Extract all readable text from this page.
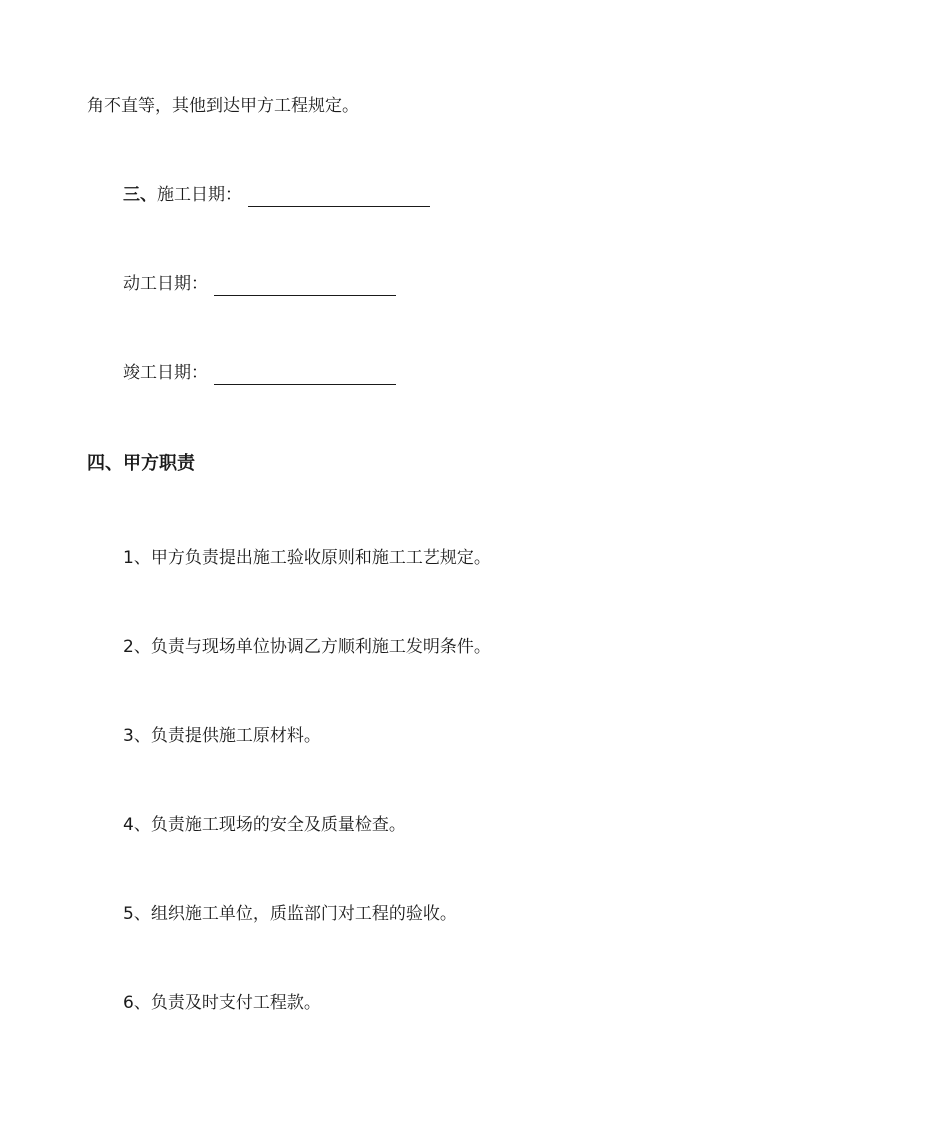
角不直等，其他到达甲方工程规定。
三、施工日期：
动工日期：
竣工日期：
四、甲方职责
1、甲方负责提出施工验收原则和施工工艺规定。
2、负责与现场单位协调乙方顺利施工发明条件。
3、负责提供施工原材料。
4、负责施工现场的安全及质量检查。
5、组织施工单位，质监部门对工程的验收。
6、负责及时支付工程款。
